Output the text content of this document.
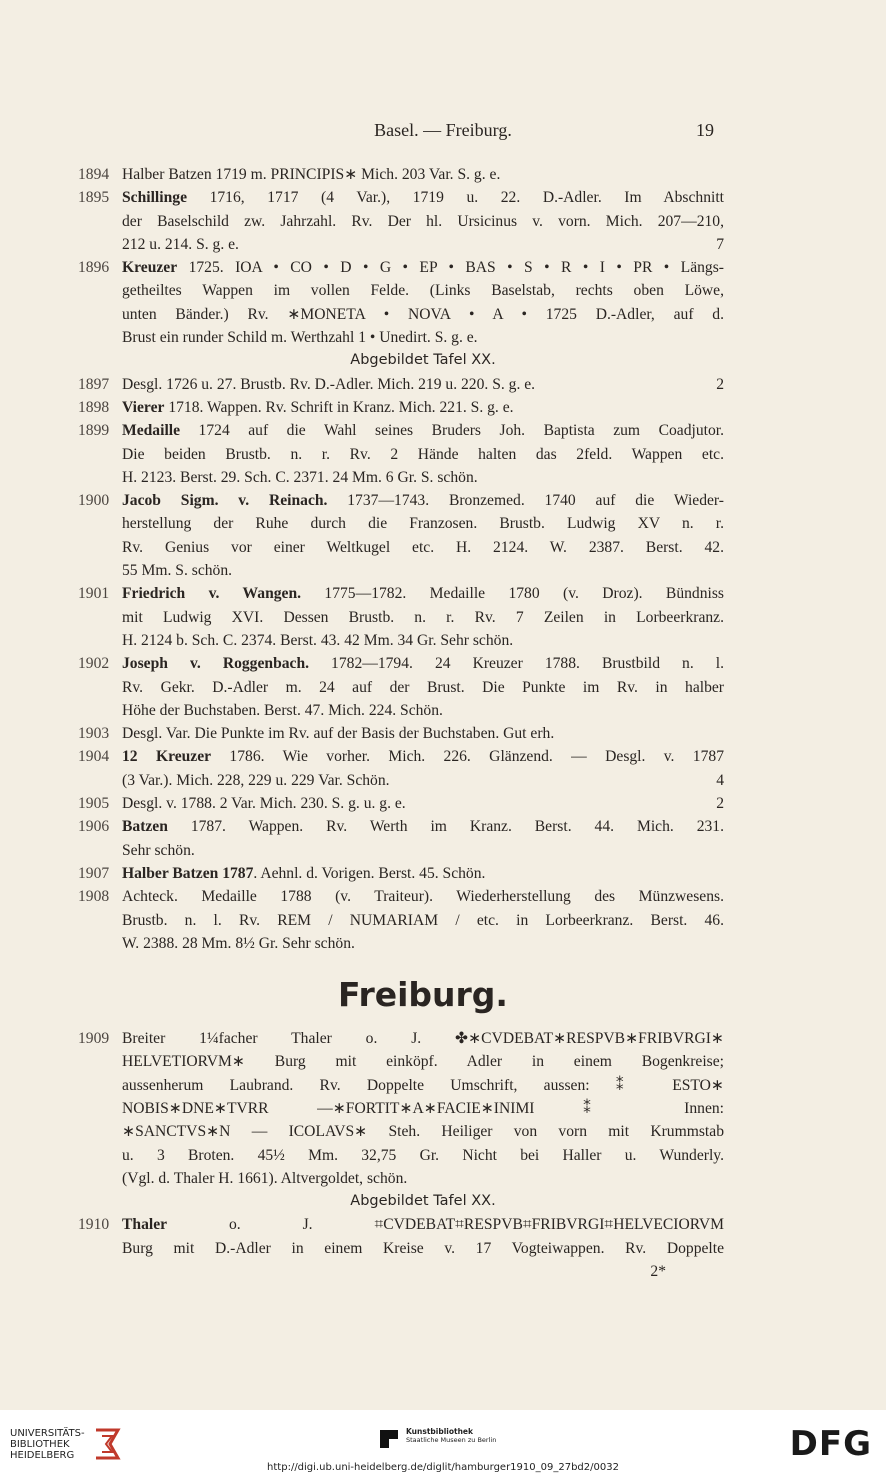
Basel. — Freiburg.	19
1894 Halber Batzen 1719 m. PRINCIPIS∗ Mich. 203 Var. S. g. e.
1895 Schillinge 1716, 1717 (4 Var.), 1719 u. 22. D.-Adler. Im Abschnitt
der Baselschild zw. Jahrzahl. Rv. Der hl. Ursicinus v. vorn. Mich. 207—210,
212 u. 214. S. g. e.	7
1896 Kreuzer 1725. IOA • CO • D • G • EP • BAS • S • R • I • PR • Längs-
getheiltes Wappen im vollen Felde. (Links Baselstab, rechts oben Löwe,
unten Bänder.) Rv. ∗MONETA • NOVA • A • 1725 D.-Adler, auf d.
Brust ein runder Schild m. Werthzahl 1 • Unedirt. S. g. e.
Abgebildet Tafel XX.
1897 Desgl. 1726 u. 27. Brustb. Rv. D.-Adler. Mich. 219 u. 220. S. g. e.	2
1898 Vierer 1718. Wappen. Rv. Schrift in Kranz. Mich. 221. S. g. e.
1899 Medaille 1724 auf die Wahl seines Bruders Joh. Baptista zum Coadjutor.
Die beiden Brustb. n. r. Rv. 2 Hände halten das 2feld. Wappen etc.
H. 2123. Berst. 29. Sch. C. 2371. 24 Mm. 6 Gr. S. schön.
1900 Jacob Sigm. v. Reinach. 1737—1743. Bronzemed. 1740 auf die Wieder-
herstellung der Ruhe durch die Franzosen. Brustb. Ludwig XV n. r.
Rv. Genius vor einer Weltkugel etc. H. 2124. W. 2387. Berst. 42.
55 Mm. S. schön.
1901 Friedrich v. Wangen. 1775—1782. Medaille 1780 (v. Droz). Bündniss
mit Ludwig XVI. Dessen Brustb. n. r. Rv. 7 Zeilen in Lorbeerkranz.
H. 2124 b. Sch. C. 2374. Berst. 43. 42 Mm. 34 Gr. Sehr schön.
1902 Joseph v. Roggenbach. 1782—1794. 24 Kreuzer 1788. Brustbild n. l.
Rv. Gekr. D.-Adler m. 24 auf der Brust. Die Punkte im Rv. in halber
Höhe der Buchstaben. Berst. 47. Mich. 224. Schön.
1903 Desgl. Var. Die Punkte im Rv. auf der Basis der Buchstaben. Gut erh.
1904 12 Kreuzer 1786. Wie vorher. Mich. 226. Glänzend. — Desgl. v. 1787
(3 Var.). Mich. 228, 229 u. 229 Var. Schön.	4
1905 Desgl. v. 1788. 2 Var. Mich. 230. S. g. u. g. e.	2
1906 Batzen 1787. Wappen. Rv. Werth im Kranz. Berst. 44. Mich. 231.
Sehr schön.
1907 Halber Batzen 1787. Aehnl. d. Vorigen. Berst. 45. Schön.
1908 Achteck. Medaille 1788 (v. Traiteur). Wiederherstellung des Münzwesens.
Brustb. n. l. Rv. REM / NUMARIAM / etc. in Lorbeerkranz. Berst. 46.
W. 2388. 28 Mm. 8½ Gr. Sehr schön.
Freiburg.
1909 Breiter 1¼facher Thaler o. J. ✤∗CVDEBAT∗RESPVB∗FRIBVRGI∗
HELVETIORVM∗ Burg mit einköpf. Adler in einem Bogenkreise;
aussenherum Laubrand. Rv. Doppelte Umschrift, aussen: ⁑ ESTO∗
NOBIS∗DNE∗TVRR —∗FORTIT∗A∗FACIE∗INIMI ⁑ Innen:
∗SANCTVS∗N — ICOLAVS∗ Steh. Heiliger von vorn mit Krummstab
u. 3 Broten. 45½ Mm. 32,75 Gr. Nicht bei Haller u. Wunderly.
(Vgl. d. Thaler H. 1661). Altvergoldet, schön.
Abgebildet Tafel XX.
1910 Thaler o. J. ⌗CVDEBAT⌗RESPVB⌗FRIBVRGI⌗HELVECIORVM
Burg mit D.-Adler in einem Kreise v. 17 Vogteiwappen. Rv. Doppelte
2*
UNIVERSITÄTS-
BIBLIOTHEK
HEIDELBERG
Kunstbibliothek
Staatliche Museen zu Berlin	DFG
http://digi.ub.uni-heidelberg.de/diglit/hamburger1910_09_27bd2/0032
